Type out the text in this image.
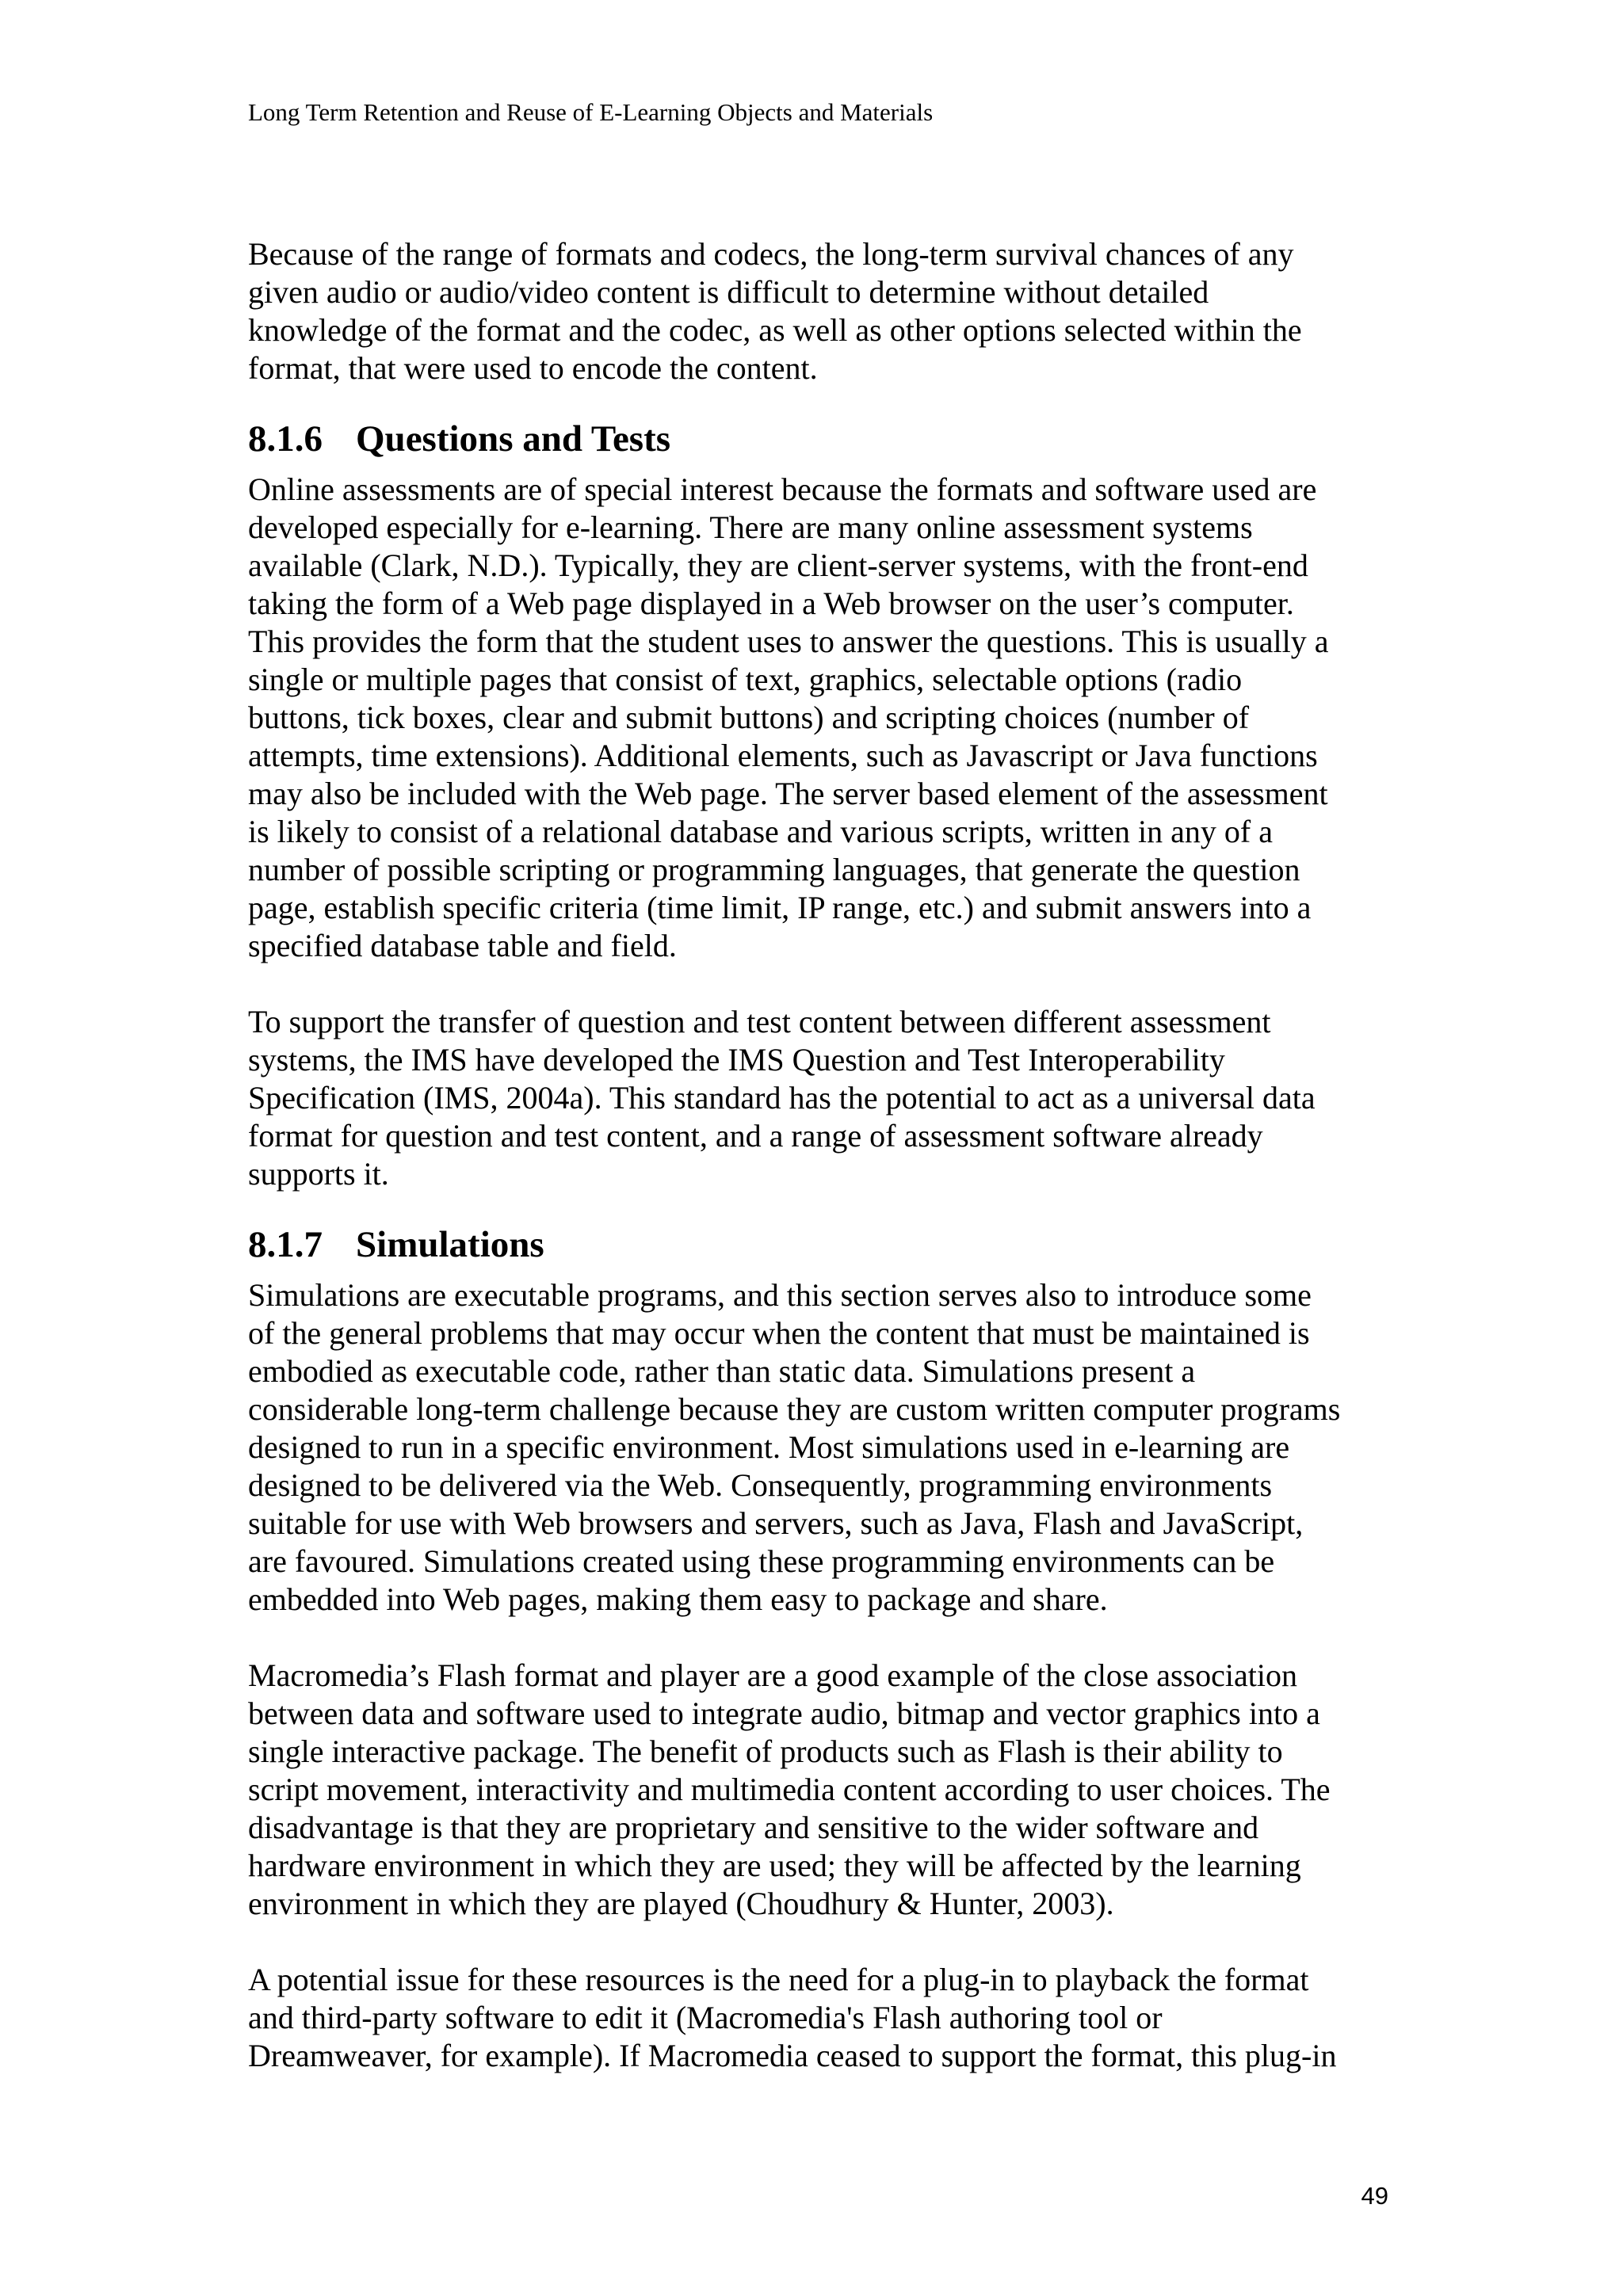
Long Term Retention and Reuse of E-Learning Objects and Materials

Because of the range of formats and codecs, the long-term survival chances of any
given audio or audio/video content is difficult to determine without detailed
knowledge of the format and the codec, as well as other options selected within the
format, that were used to encode the content.

8.1.6 Questions and Tests

Online assessments are of special interest because the formats and software used are
developed especially for e-learning. There are many online assessment systems
available (Clark, N.D.). Typically, they are client-server systems, with the front-end
taking the form of a Web page displayed in a Web browser on the user’s computer.
This provides the form that the student uses to answer the questions. This is usually a
single or multiple pages that consist of text, graphics, selectable options (radio
buttons, tick boxes, clear and submit buttons) and scripting choices (number of
attempts, time extensions). Additional elements, such as Javascript or Java functions
may also be included with the Web page. The server based element of the assessment
is likely to consist of a relational database and various scripts, written in any of a
number of possible scripting or programming languages, that generate the question
page, establish specific criteria (time limit, IP range, etc.) and submit answers into a
specified database table and field.

To support the transfer of question and test content between different assessment
systems, the IMS have developed the IMS Question and Test Interoperability
Specification (IMS, 2004a). This standard has the potential to act as a universal data
format for question and test content, and a range of assessment software already
supports it.

8.1.7 Simulations

Simulations are executable programs, and this section serves also to introduce some
of the general problems that may occur when the content that must be maintained is
embodied as executable code, rather than static data. Simulations present a
considerable long-term challenge because they are custom written computer programs
designed to run in a specific environment. Most simulations used in e-learning are
designed to be delivered via the Web. Consequently, programming environments
suitable for use with Web browsers and servers, such as Java, Flash and JavaScript,
are favoured. Simulations created using these programming environments can be
embedded into Web pages, making them easy to package and share.

Macromedia’s Flash format and player are a good example of the close association
between data and software used to integrate audio, bitmap and vector graphics into a
single interactive package. The benefit of products such as Flash is their ability to
script movement, interactivity and multimedia content according to user choices. The
disadvantage is that they are proprietary and sensitive to the wider software and
hardware environment in which they are used; they will be affected by the learning
environment in which they are played (Choudhury & Hunter, 2003).

A potential issue for these resources is the need for a plug-in to playback the format
and third-party software to edit it (Macromedia's Flash authoring tool or
Dreamweaver, for example). If Macromedia ceased to support the format, this plug-in

49
